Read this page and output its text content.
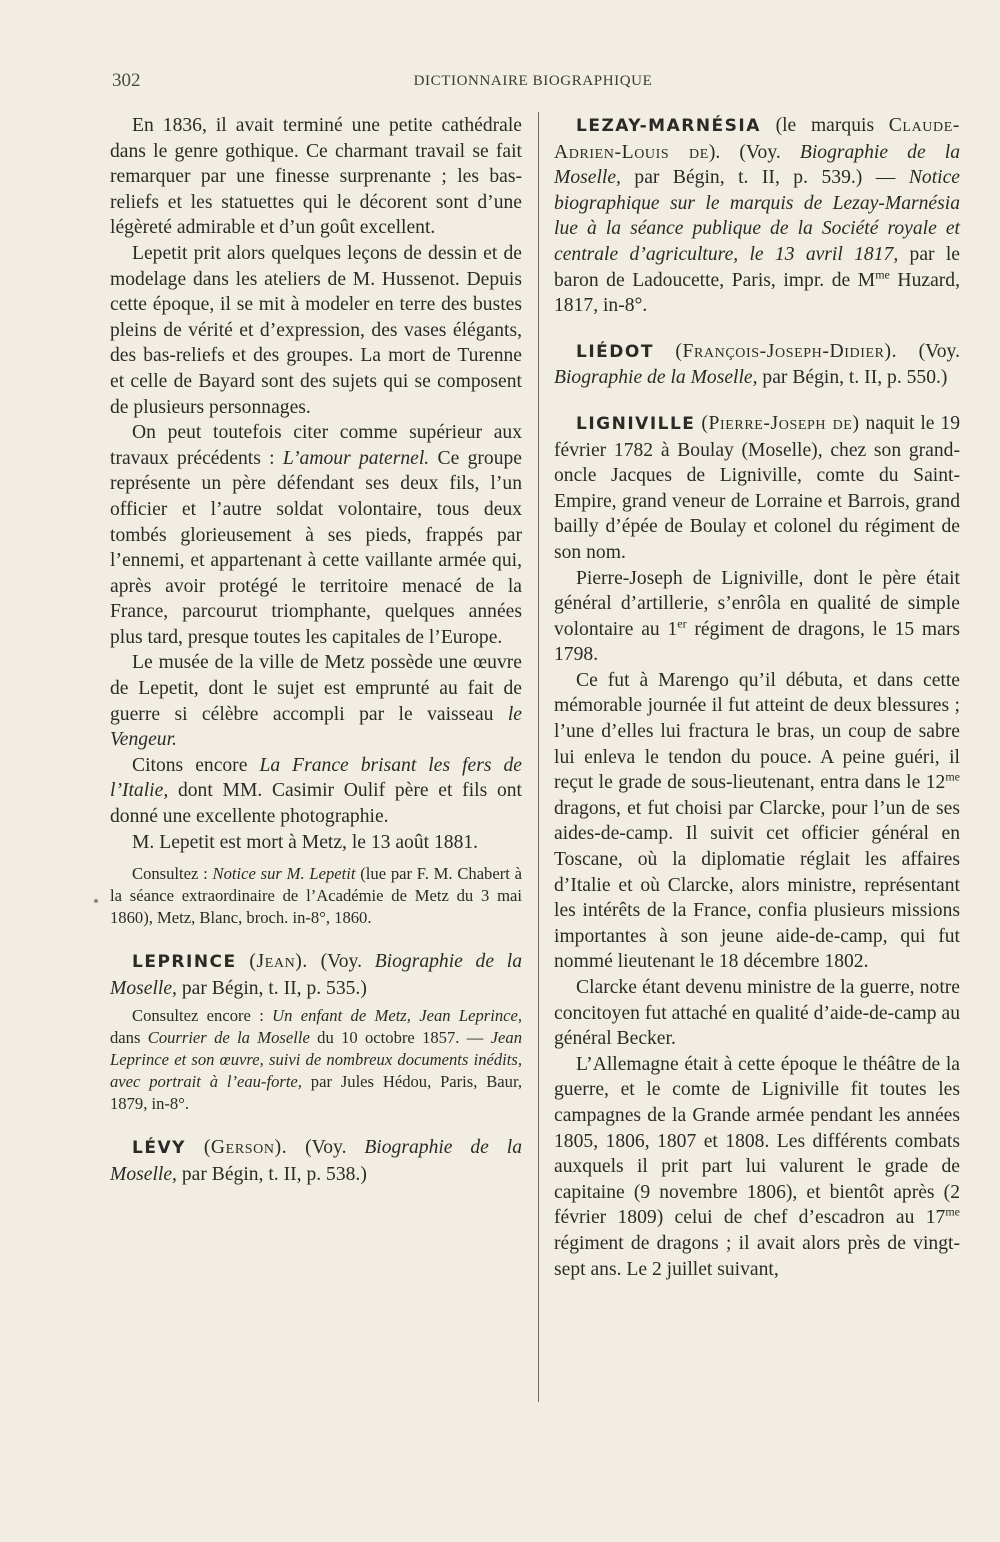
302	DICTIONNAIRE BIOGRAPHIQUE

En 1836, il avait terminé une petite cathédrale dans le genre gothique. Ce charmant travail se fait remarquer par une finesse surprenante ; les bas-reliefs et les statuettes qui le décorent sont d’une légèreté admirable et d’un goût excellent.

Lepetit prit alors quelques leçons de dessin et de modelage dans les ateliers de M. Hussenot. Depuis cette époque, il se mit à modeler en terre des bustes pleins de vérité et d’expression, des vases élégants, des bas-reliefs et des groupes. La mort de Turenne et celle de Bayard sont des sujets qui se composent de plusieurs personnages.

On peut toutefois citer comme supérieur aux travaux précédents : L’amour paternel. Ce groupe représente un père défendant ses deux fils, l’un officier et l’autre soldat volontaire, tous deux tombés glorieusement à ses pieds, frappés par l’ennemi, et appartenant à cette vaillante armée qui, après avoir protégé le territoire menacé de la France, parcourut triomphante, quelques années plus tard, presque toutes les capitales de l’Europe.

Le musée de la ville de Metz possède une œuvre de Lepetit, dont le sujet est emprunté au fait de guerre si célèbre accompli par le vaisseau le Vengeur.

Citons encore La France brisant les fers de l’Italie, dont MM. Casimir Oulif père et fils ont donné une excellente photographie.

M. Lepetit est mort à Metz, le 13 août 1881.

Consultez : Notice sur M. Lepetit (lue par F. M. Chabert à la séance extraordinaire de l’Académie de Metz du 3 mai 1860), Metz, Blanc, broch. in-8°, 1860.

LEPRINCE (Jean). (Voy. Biographie de la Moselle, par Bégin, t. II, p. 535.)

Consultez encore : Un enfant de Metz, Jean Leprince, dans Courrier de la Moselle du 10 octobre 1857. — Jean Leprince et son œuvre, suivi de nombreux documents inédits, avec portrait à l’eau-forte, par Jules Hédou, Paris, Baur, 1879, in-8°.

LÉVY (Gerson). (Voy. Biographie de la Moselle, par Bégin, t. II, p. 538.)

LEZAY-MARNÉSIA (le marquis Claude-Adrien-Louis de). (Voy. Biographie de la Moselle, par Bégin, t. II, p. 539.) — Notice biographique sur le marquis de Lezay-Marnésia lue à la séance publique de la Société royale et centrale d’agriculture, le 13 avril 1817, par le baron de Ladoucette, Paris, impr. de $M^{me}$ Huzard, 1817, in-8°.

LIÉDOT (François-Joseph-Didier). (Voy. Biographie de la Moselle, par Bégin, t. II, p. 550.)

LIGNIVILLE (Pierre-Joseph de) naquit le 19 février 1782 à Boulay (Moselle), chez son grand-oncle Jacques de Ligniville, comte du Saint-Empire, grand veneur de Lorraine et Barrois, grand bailly d’épée de Boulay et colonel du régiment de son nom.

Pierre-Joseph de Ligniville, dont le père était général d’artillerie, s’enrôla en qualité de simple volontaire au 1er régiment de dragons, le 15 mars 1798.

Ce fut à Marengo qu’il débuta, et dans cette mémorable journée il fut atteint de deux blessures ; l’une d’elles lui fractura le bras, un coup de sabre lui enleva le tendon du pouce. A peine guéri, il reçut le grade de sous-lieutenant, entra dans le $12^{me}$ dragons, et fut choisi par Clarcke, pour l’un de ses aides-de-camp. Il suivit cet officier général en Toscane, où la diplomatie réglait les affaires d’Italie et où Clarcke, alors ministre, représentant les intérêts de la France, confia plusieurs missions importantes à son jeune aide-de-camp, qui fut nommé lieutenant le 18 décembre 1802.

Clarcke étant devenu ministre de la guerre, notre concitoyen fut attaché en qualité d’aide-de-camp au général Becker.

L’Allemagne était à cette époque le théâtre de la guerre, et le comte de Ligniville fit toutes les campagnes de la Grande armée pendant les années 1805, 1806, 1807 et 1808. Les différents combats auxquels il prit part lui valurent le grade de capitaine (9 novembre 1806), et bientôt après (2 février 1809) celui de chef d’escadron au $17^{me}$ régiment de dragons ; il avait alors près de vingt-sept ans. Le 2 juillet suivant,
